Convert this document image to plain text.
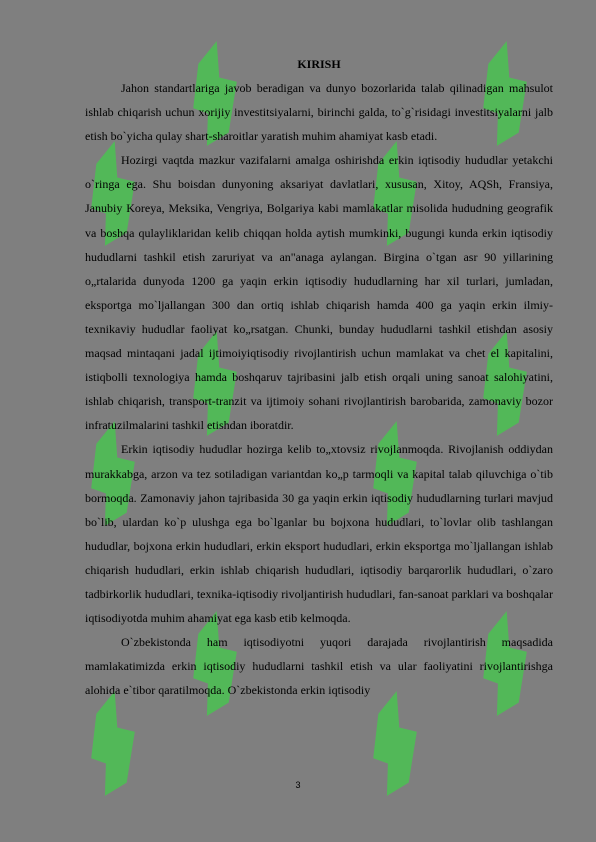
KIRISH

Jahon standartlariga javob beradigan va dunyo bozorlarida talab qilinadigan mahsulot ishlab chiqarish uchun xorijiy investitsiyalarni, birinchi galda, to`g`risidagi investitsiyalarni jalb etish bo`yicha qulay shart-sharoitlar yaratish muhim ahamiyat kasb etadi.

Hozirgi vaqtda mazkur vazifalarni amalga oshirishda erkin iqtisodiy hududlar yetakchi o`ringa ega. Shu boisdan dunyoning aksariyat davlatlari, xususan, Xitoy, AQSh, Fransiya, Janubiy Koreya, Meksika, Vengriya, Bolgariya kabi mamlakatlar misolida hududning geografik va boshqa qulayliklaridan kelib chiqqan holda aytish mumkinki, bugungi kunda erkin iqtisodiy hududlarni tashkil etish zaruriyat va an"anaga aylangan. Birgina o`tgan asr 90 yillarining o„rtalarida dunyoda 1200 ga yaqin erkin iqtisodiy hududlarning har xil turlari, jumladan, eksportga mo`ljallangan 300 dan ortiq ishlab chiqarish hamda 400 ga yaqin erkin ilmiy-texnikaviy hududlar faoliyat ko„rsatgan. Chunki, bunday hududlarni tashkil etishdan asosiy maqsad mintaqani jadal ijtimoiyiqtisodiy rivojlantirish uchun mamlakat va chet el kapitalini, istiqbolli texnologiya hamda boshqaruv tajribasini jalb etish orqali uning sanoat salohiyatini, ishlab chiqarish, transport-tranzit va ijtimoiy sohani rivojlantirish barobarida, zamonaviy bozor infratuzilmalarini tashkil etishdan iboratdir.

Erkin iqtisodiy hududlar hozirga kelib to„xtovsiz rivojlanmoqda. Rivojlanish oddiydan murakkabga, arzon va tez sotiladigan variantdan ko„p tarmoqli va kapital talab qiluvchiga o`tib bormoqda. Zamonaviy jahon tajribasida 30 ga yaqin erkin iqtisodiy hududlarning turlari mavjud bo`lib, ulardan ko`p ulushga ega bo`lganlar bu bojxona hududlari, to`lovlar olib tashlangan hududlar, bojxona erkin hududlari, erkin eksport hududlari, erkin eksportga mo`ljallangan ishlab chiqarish hududlari, erkin ishlab chiqarish hududlari, iqtisodiy barqarorlik hududlari, o`zaro tadbirkorlik hududlari, texnika-iqtisodiy rivoljantirish hududlari, fan-sanoat parklari va boshqalar iqtisodiyotda muhim ahamiyat ega kasb etib kelmoqda.

O`zbekistonda ham iqtisodiyotni yuqori darajada rivojlantirish maqsadida mamlakatimizda erkin iqtisodiy hududlarni tashkil etish va ular faoliyatini rivojlantirishga alohida e`tibor qaratilmoqda. O`zbekistonda erkin iqtisodiy

3
